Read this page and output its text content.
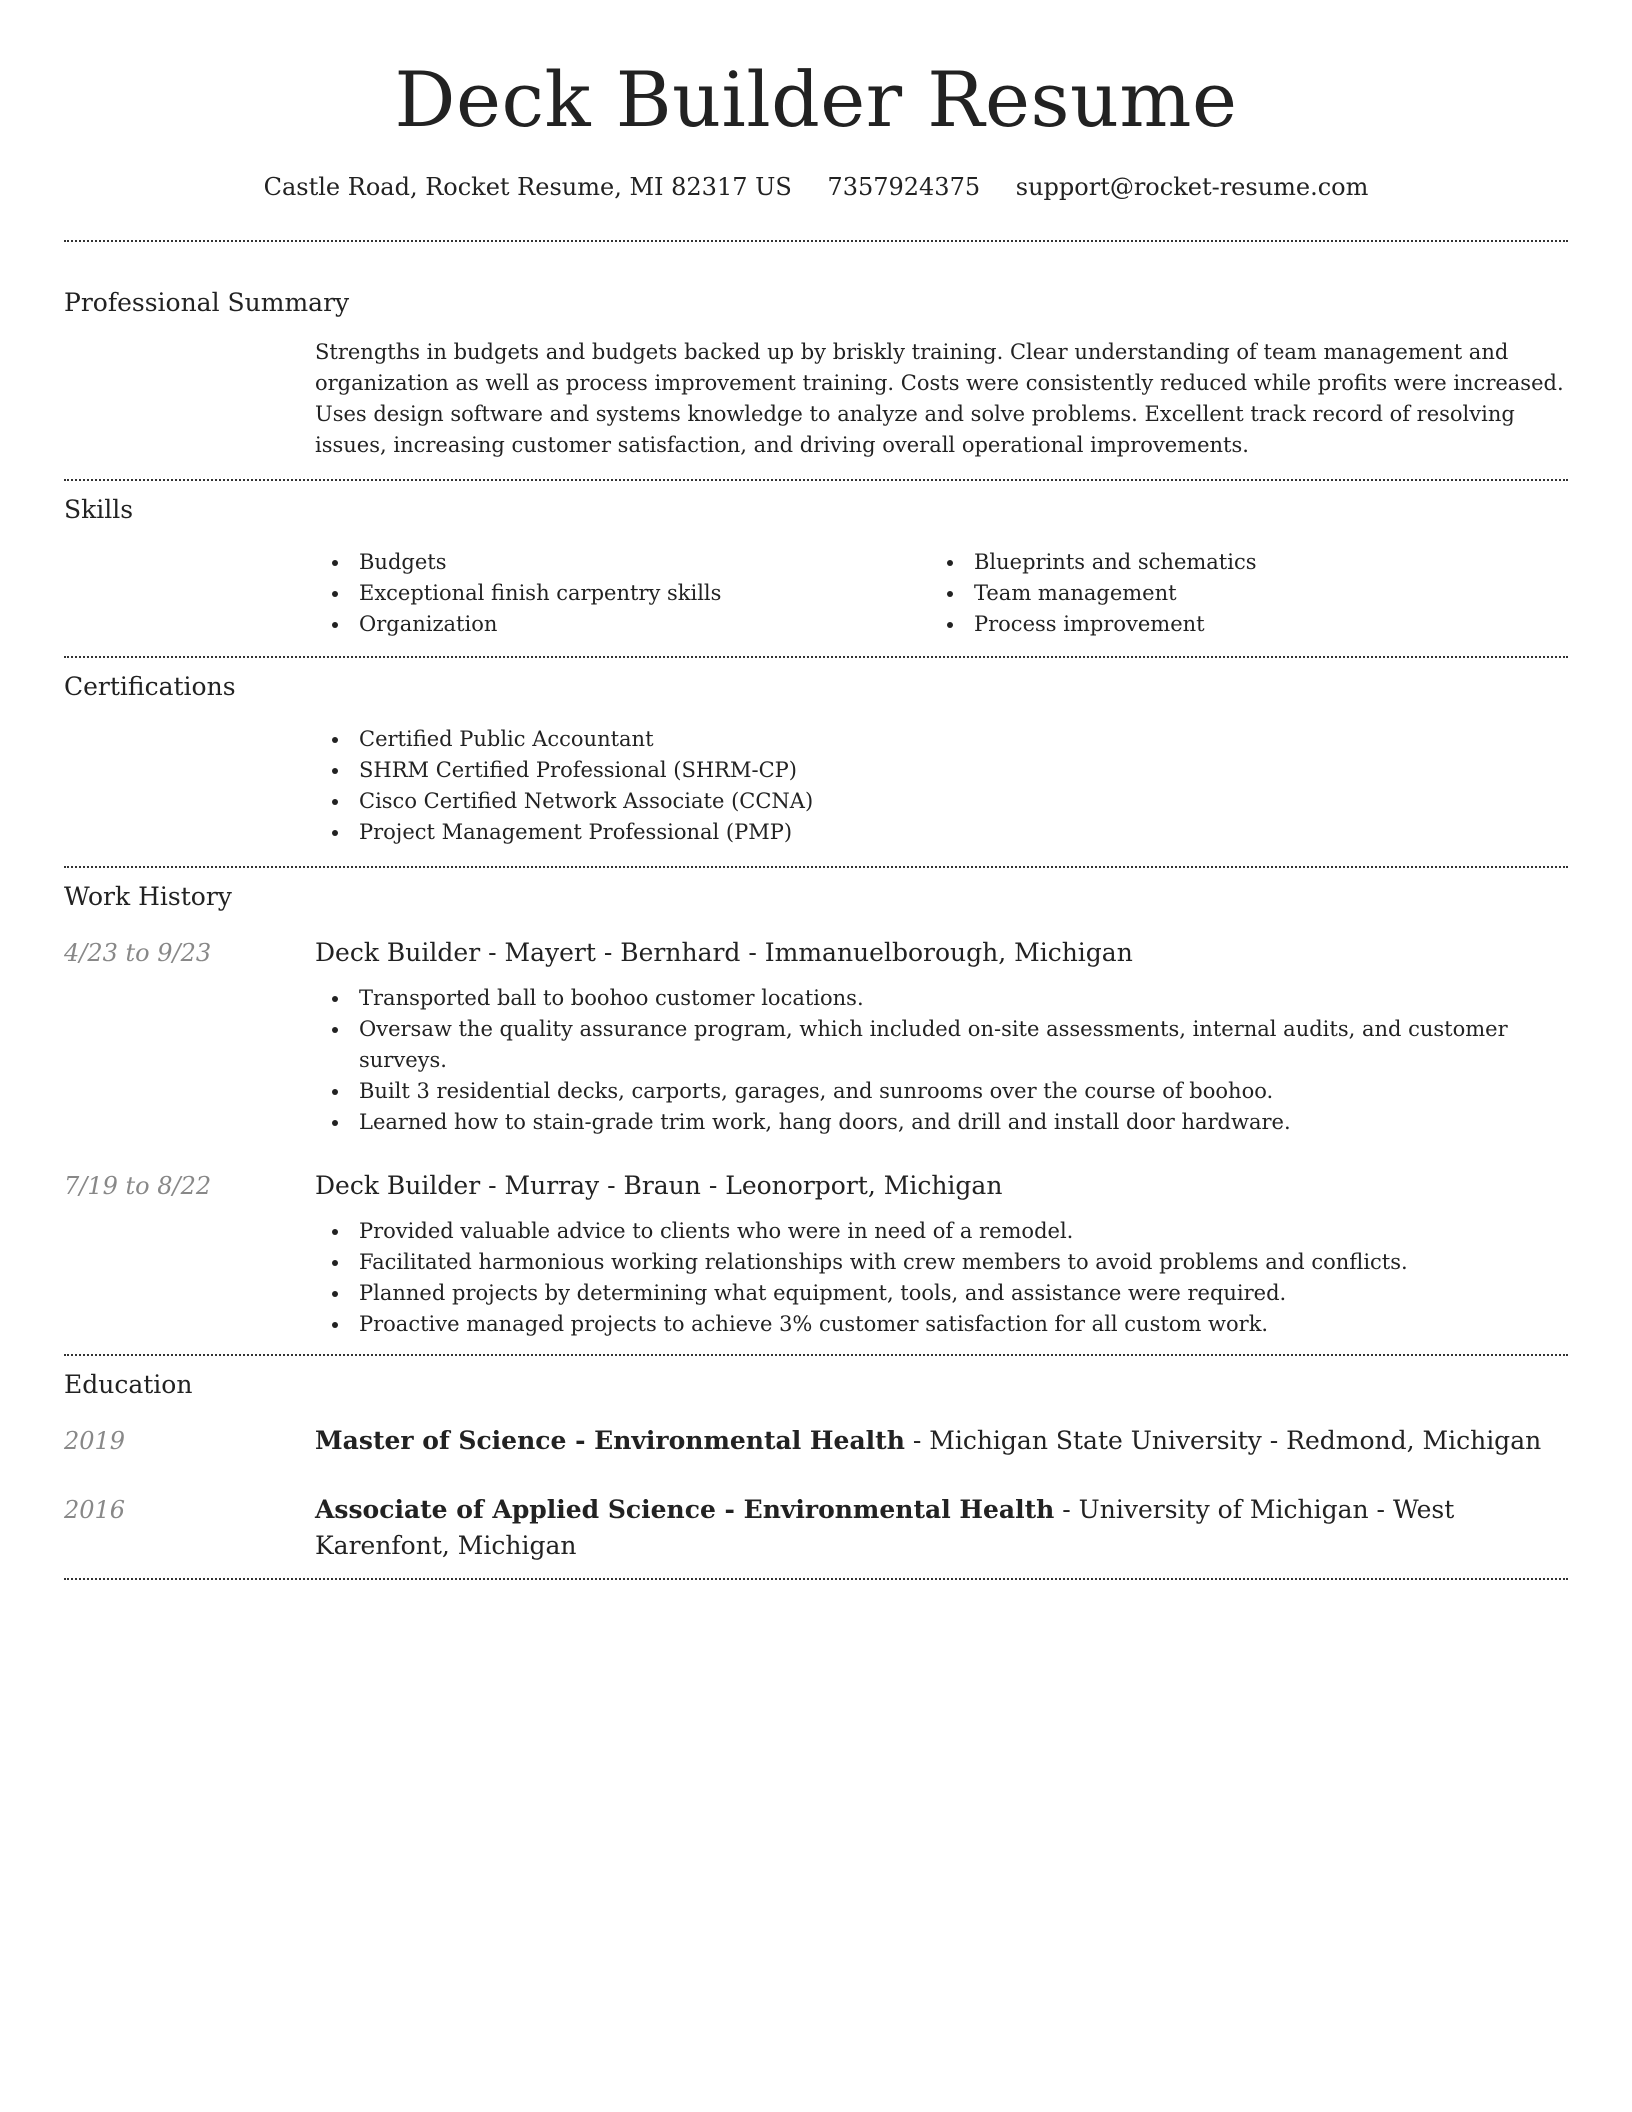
Deck Builder Resume
Castle Road, Rocket Resume, MI 82317 US 7357924375 support@rocket-resume.com
Professional Summary

Strengths in budgets and budgets backed up by briskly training. Clear understanding of team management and organization as well as process improvement training. Costs were consistently reduced while profits were increased. Uses design software and systems knowledge to analyze and solve problems. Excellent track record of resolving issues, increasing customer satisfaction, and driving overall operational improvements.

Skills
Budgets
Exceptional finish carpentry skills
Organization
Blueprints and schematics
Team management
Process improvement
Certifications
Certified Public Accountant
SHRM Certified Professional (SHRM-CP)
Cisco Certified Network Associate (CCNA)
Project Management Professional (PMP)
Work History
4/23 to 9/23	Deck Builder - Mayert - Bernhard - Immanuelborough, Michigan
Transported ball to boohoo customer locations.
Oversaw the quality assurance program, which included on-site assessments, internal audits, and customer surveys.
Built 3 residential decks, carports, garages, and sunrooms over the course of boohoo.
Learned how to stain-grade trim work, hang doors, and drill and install door hardware.
7/19 to 8/22	Deck Builder - Murray - Braun - Leonorport, Michigan
Provided valuable advice to clients who were in need of a remodel.
Facilitated harmonious working relationships with crew members to avoid problems and conflicts.
Planned projects by determining what equipment, tools, and assistance were required.
Proactive managed projects to achieve 3% customer satisfaction for all custom work.
Education
2019	Master of Science - Environmental Health - Michigan State University - Redmond, Michigan
2016	Associate of Applied Science - Environmental Health - University of Michigan - West Karenfont, Michigan
